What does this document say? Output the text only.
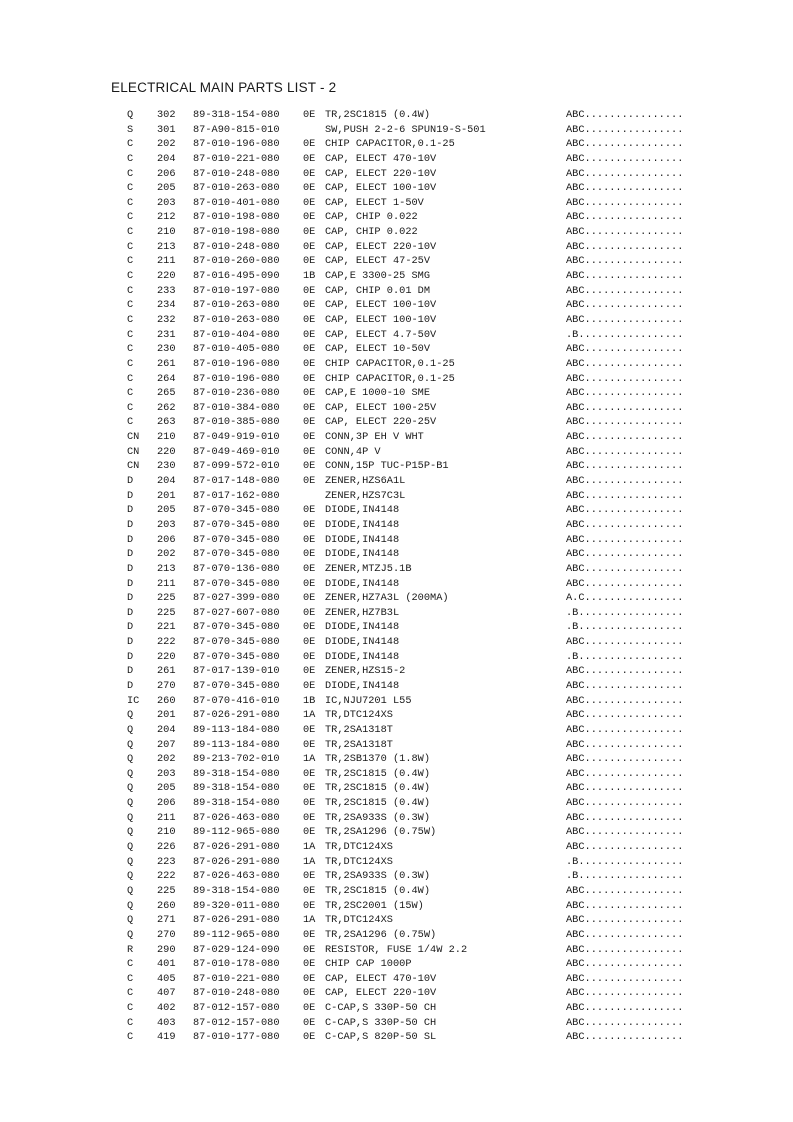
ELECTRICAL MAIN PARTS LIST - 2
Q 302 89-318-154-080 0E TR,2SC1815 (0.4W)	ABC................
S 301 87-A90-815-010	SW,PUSH 2-2-6 SPUN19-S-501	ABC................
C 202 87-010-196-080 0E CHIP CAPACITOR,0.1-25	ABC................
C 204 87-010-221-080 0E CAP, ELECT 470-10V	ABC................
C 206 87-010-248-080 0E CAP, ELECT 220-10V	ABC................
C 205 87-010-263-080 0E CAP, ELECT 100-10V	ABC................
C 203 87-010-401-080 0E CAP, ELECT 1-50V	ABC................
C 212 87-010-198-080 0E CAP, CHIP 0.022	ABC................
C 210 87-010-198-080 0E CAP, CHIP 0.022	ABC................
C 213 87-010-248-080 0E CAP, ELECT 220-10V	ABC................
C 211 87-010-260-080 0E CAP, ELECT 47-25V	ABC................
C 220 87-016-495-090 1B CAP,E 3300-25 SMG	ABC................
C 233 87-010-197-080 0E CAP, CHIP 0.01 DM	ABC................
C 234 87-010-263-080 0E CAP, ELECT 100-10V	ABC................
C 232 87-010-263-080 0E CAP, ELECT 100-10V	ABC................
C 231 87-010-404-080 0E CAP, ELECT 4.7-50V	.B.................
C 230 87-010-405-080 0E CAP, ELECT 10-50V	ABC................
C 261 87-010-196-080 0E CHIP CAPACITOR,0.1-25	ABC................
C 264 87-010-196-080 0E CHIP CAPACITOR,0.1-25	ABC................
C 265 87-010-236-080 0E CAP,E 1000-10 SME	ABC................
C 262 87-010-384-080 0E CAP, ELECT 100-25V	ABC................
C 263 87-010-385-080 0E CAP, ELECT 220-25V	ABC................
CN 210 87-049-919-010 0E CONN,3P EH V WHT	ABC................
CN 220 87-049-469-010 0E CONN,4P V	ABC................
CN 230 87-099-572-010 0E CONN,15P TUC-P15P-B1	ABC................
D 204 87-017-148-080 0E ZENER,HZS6A1L	ABC................
D 201 87-017-162-080	ZENER,HZS7C3L	ABC................
D 205 87-070-345-080 0E DIODE,IN4148	ABC................
D 203 87-070-345-080 0E DIODE,IN4148	ABC................
D 206 87-070-345-080 0E DIODE,IN4148	ABC................
D 202 87-070-345-080 0E DIODE,IN4148	ABC................
D 213 87-070-136-080 0E ZENER,MTZJ5.1B	ABC................
D 211 87-070-345-080 0E DIODE,IN4148	ABC................
D 225 87-027-399-080 0E ZENER,HZ7A3L (200MA)	A.C................
D 225 87-027-607-080 0E ZENER,HZ7B3L	.B.................
D 221 87-070-345-080 0E DIODE,IN4148	.B.................
D 222 87-070-345-080 0E DIODE,IN4148	ABC................
D 220 87-070-345-080 0E DIODE,IN4148	.B.................
D 261 87-017-139-010 0E ZENER,HZS15-2	ABC................
D 270 87-070-345-080 0E DIODE,IN4148	ABC................
IC 260 87-070-416-010 1B IC,NJU7201 L55	ABC................
Q 201 87-026-291-080 1A TR,DTC124XS	ABC................
Q 204 89-113-184-080 0E TR,2SA1318T	ABC................
Q 207 89-113-184-080 0E TR,2SA1318T	ABC................
Q 202 89-213-702-010 1A TR,2SB1370 (1.8W)	ABC................
Q 203 89-318-154-080 0E TR,2SC1815 (0.4W)	ABC................
Q 205 89-318-154-080 0E TR,2SC1815 (0.4W)	ABC................
Q 206 89-318-154-080 0E TR,2SC1815 (0.4W)	ABC................
Q 211 87-026-463-080 0E TR,2SA933S (0.3W)	ABC................
Q 210 89-112-965-080 0E TR,2SA1296 (0.75W)	ABC................
Q 226 87-026-291-080 1A TR,DTC124XS	ABC................
Q 223 87-026-291-080 1A TR,DTC124XS	.B.................
Q 222 87-026-463-080 0E TR,2SA933S (0.3W)	.B.................
Q 225 89-318-154-080 0E TR,2SC1815 (0.4W)	ABC................
Q 260 89-320-011-080 0E TR,2SC2001 (15W)	ABC................
Q 271 87-026-291-080 1A TR,DTC124XS	ABC................
Q 270 89-112-965-080 0E TR,2SA1296 (0.75W)	ABC................
R 290 87-029-124-090 0E RESISTOR, FUSE 1/4W 2.2	ABC................
C 401 87-010-178-080 0E CHIP CAP 1000P	ABC................
C 405 87-010-221-080 0E CAP, ELECT 470-10V	ABC................
C 407 87-010-248-080 0E CAP, ELECT 220-10V	ABC................
C 402 87-012-157-080 0E C-CAP,S 330P-50 CH	ABC................
C 403 87-012-157-080 0E C-CAP,S 330P-50 CH	ABC................
C 419 87-010-177-080 0E C-CAP,S 820P-50 SL	ABC................
